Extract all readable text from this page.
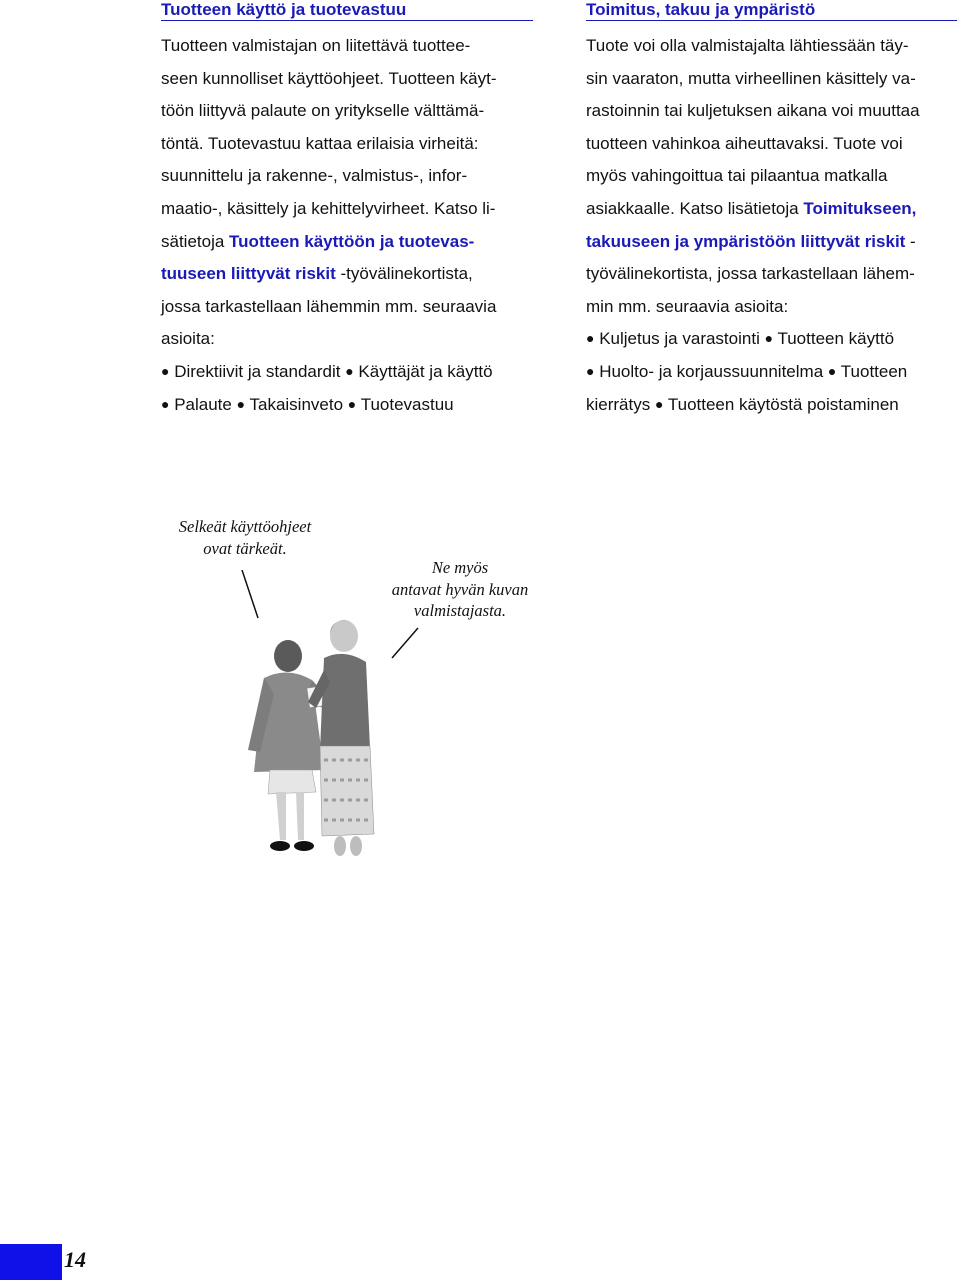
Tuotteen käyttö ja tuotevastuu
Tuotteen valmistajan on liitettävä tuottee-
seen kunnolliset käyttöohjeet. Tuotteen käyt-
töön liittyvä palaute on yritykselle välttämä-
töntä. Tuotevastuu kattaa erilaisia virheitä:
suunnittelu ja rakenne-, valmistus-, infor-
maatio-, käsittely ja kehittelyvirheet. Katso li-
sätietoja Tuotteen käyttöön ja tuotevas-
tuuseen liittyvät riskit -työvälinekortista,
jossa tarkastellaan lähemmin mm. seuraavia
asioita:
● Direktiivit ja standardit ● Käyttäjät ja käyttö
● Palaute ● Takaisinveto ● Tuotevastuu
Toimitus, takuu ja ympäristö
Tuote voi olla valmistajalta lähtiessään täy-
sin vaaraton, mutta virheellinen käsittely va-
rastoinnin tai kuljetuksen aikana voi muuttaa
tuotteen vahinkoa aiheuttavaksi. Tuote voi
myös vahingoittua tai pilaantua matkalla
asiakkaalle. Katso lisätietoja Toimitukseen,
takuuseen ja ympäristöön liittyvät riskit -
työvälinekortista, jossa tarkastellaan lähem-
min mm. seuraavia asioita:
● Kuljetus ja varastointi ● Tuotteen käyttö
● Huolto- ja korjaussuunnitelma ● Tuotteen
kierrätys ● Tuotteen käytöstä poistaminen
Selkeät käyttöohjeet
ovat tärkeät.
Ne myös
antavat hyvän kuvan
valmistajasta.
14
